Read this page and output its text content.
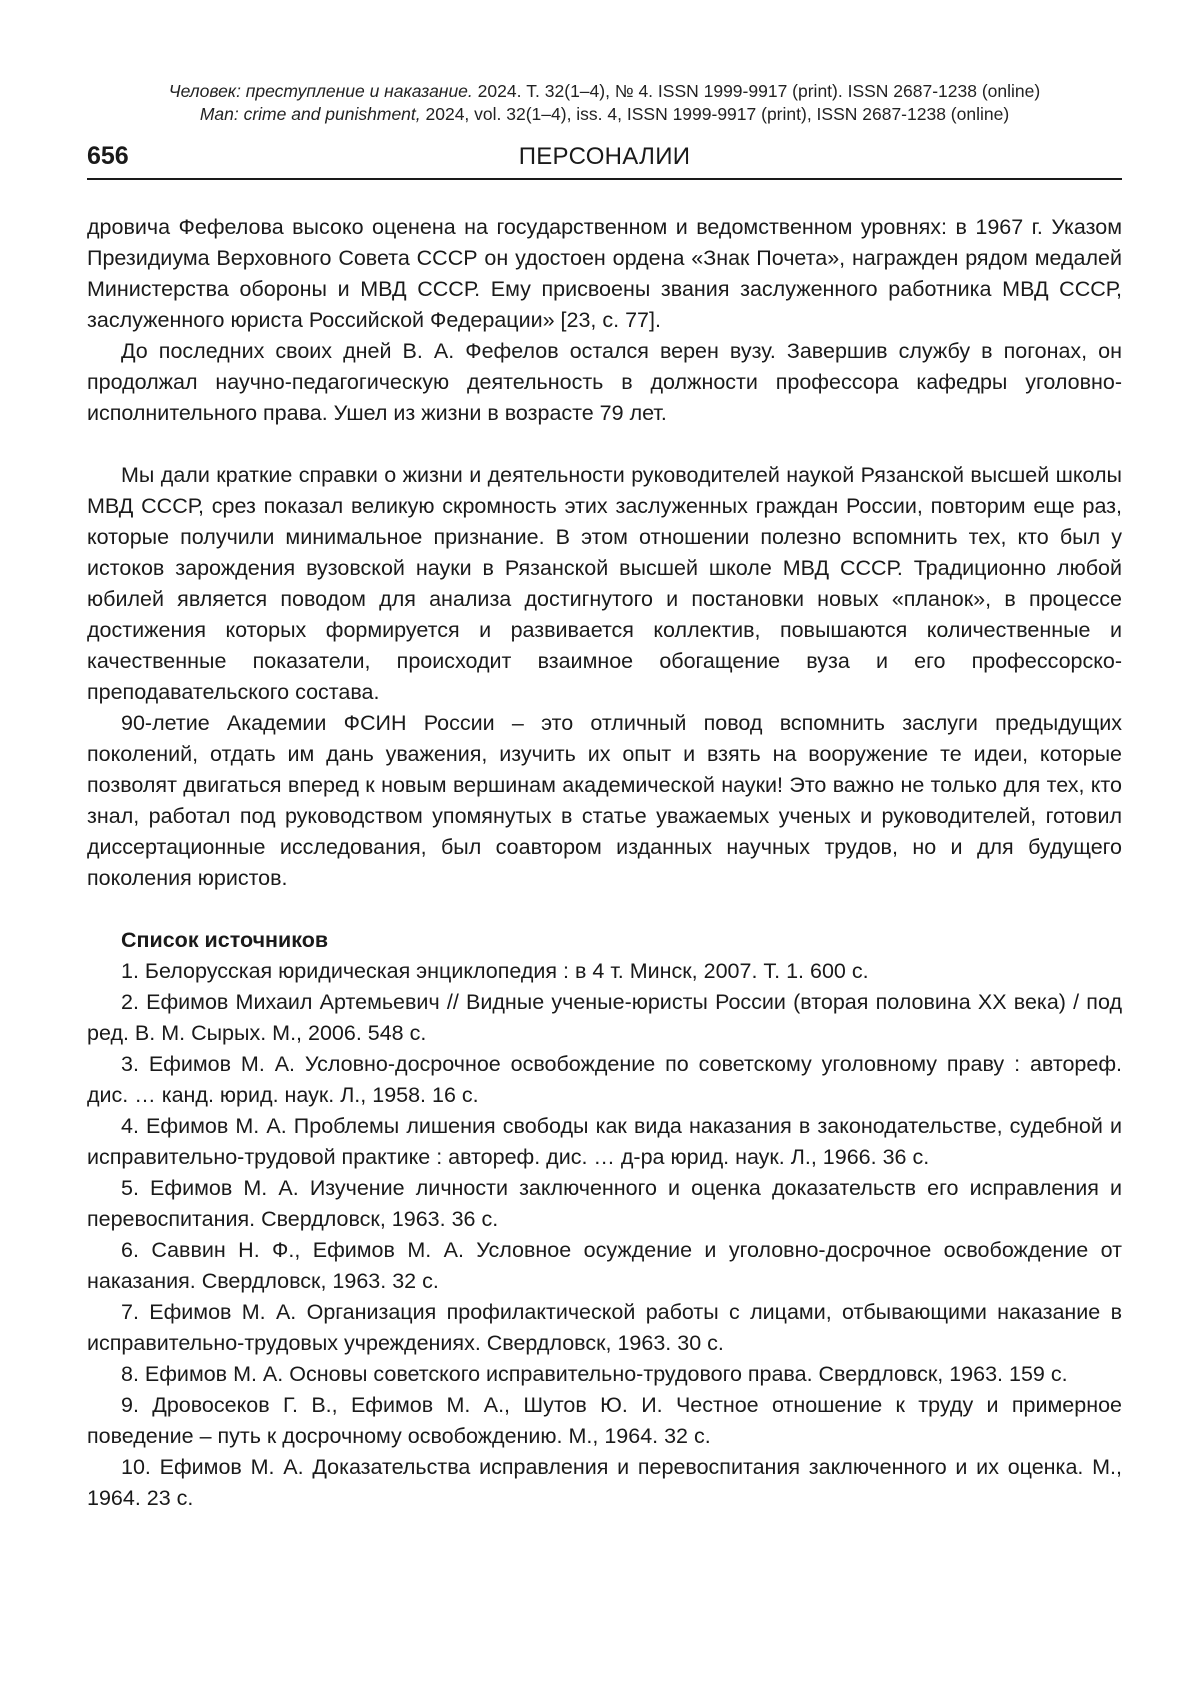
Человек: преступление и наказание. 2024. Т. 32(1–4), № 4. ISSN 1999-9917 (print). ISSN 2687-1238 (online)
Man: crime and punishment, 2024, vol. 32(1–4), iss. 4, ISSN 1999-9917 (print), ISSN 2687-1238 (online)
656	ПЕРСОНАЛИИ

дровича Фефелова высоко оценена на государственном и ведомственном уровнях: в 1967 г. Указом Президиума Верховного Совета СССР он удостоен ордена «Знак Почета», награжден рядом медалей Министерства обороны и МВД СССР. Ему присвоены звания заслуженного работника МВД СССР, заслуженного юриста Российской Федерации» [23, с. 77].

До последних своих дней В. А. Фефелов остался верен вузу. Завершив службу в погонах, он продолжал научно-педагогическую деятельность в должности профессора кафедры уголовно-исполнительного права. Ушел из жизни в возрасте 79 лет.

Мы дали краткие справки о жизни и деятельности руководителей наукой Рязанской высшей школы МВД СССР, срез показал великую скромность этих заслуженных граждан России, повторим еще раз, которые получили минимальное признание. В этом отношении полезно вспомнить тех, кто был у истоков зарождения вузовской науки в Рязанской высшей школе МВД СССР. Традиционно любой юбилей является поводом для анализа достигнутого и постановки новых «планок», в процессе достижения которых формируется и развивается коллектив, повышаются количественные и качественные показатели, происходит взаимное обогащение вуза и его профессорско-преподавательского состава.

90-летие Академии ФСИН России – это отличный повод вспомнить заслуги предыдущих поколений, отдать им дань уважения, изучить их опыт и взять на вооружение те идеи, которые позволят двигаться вперед к новым вершинам академической науки! Это важно не только для тех, кто знал, работал под руководством упомянутых в статье уважаемых ученых и руководителей, готовил диссертационные исследования, был соавтором изданных научных трудов, но и для будущего поколения юристов.

Список источников

1. Белорусская юридическая энциклопедия : в 4 т. Минск, 2007. Т. 1. 600 с.

2. Ефимов Михаил Артемьевич // Видные ученые-юристы России (вторая половина XX века) / под ред. В. М. Сырых. М., 2006. 548 с.

3. Ефимов М. А. Условно-досрочное освобождение по советскому уголовному праву : автореф. дис. … канд. юрид. наук. Л., 1958. 16 с.

4. Ефимов М. А. Проблемы лишения свободы как вида наказания в законодательстве, судебной и исправительно-трудовой практике : автореф. дис. … д-ра юрид. наук. Л., 1966. 36 с.

5. Ефимов М. А. Изучение личности заключенного и оценка доказательств его исправления и перевоспитания. Свердловск, 1963. 36 с.

6. Саввин Н. Ф., Ефимов М. А. Условное осуждение и уголовно-досрочное освобождение от наказания. Свердловск, 1963. 32 с.

7. Ефимов М. А. Организация профилактической работы с лицами, отбывающими наказание в исправительно-трудовых учреждениях. Свердловск, 1963. 30 с.

8. Ефимов М. А. Основы советского исправительно-трудового права. Свердловск, 1963. 159 с.

9. Дровосеков Г. В., Ефимов М. А., Шутов Ю. И. Честное отношение к труду и примерное поведение – путь к досрочному освобождению. М., 1964. 32 с.

10. Ефимов М. А. Доказательства исправления и перевоспитания заключенного и их оценка. М., 1964. 23 с.
